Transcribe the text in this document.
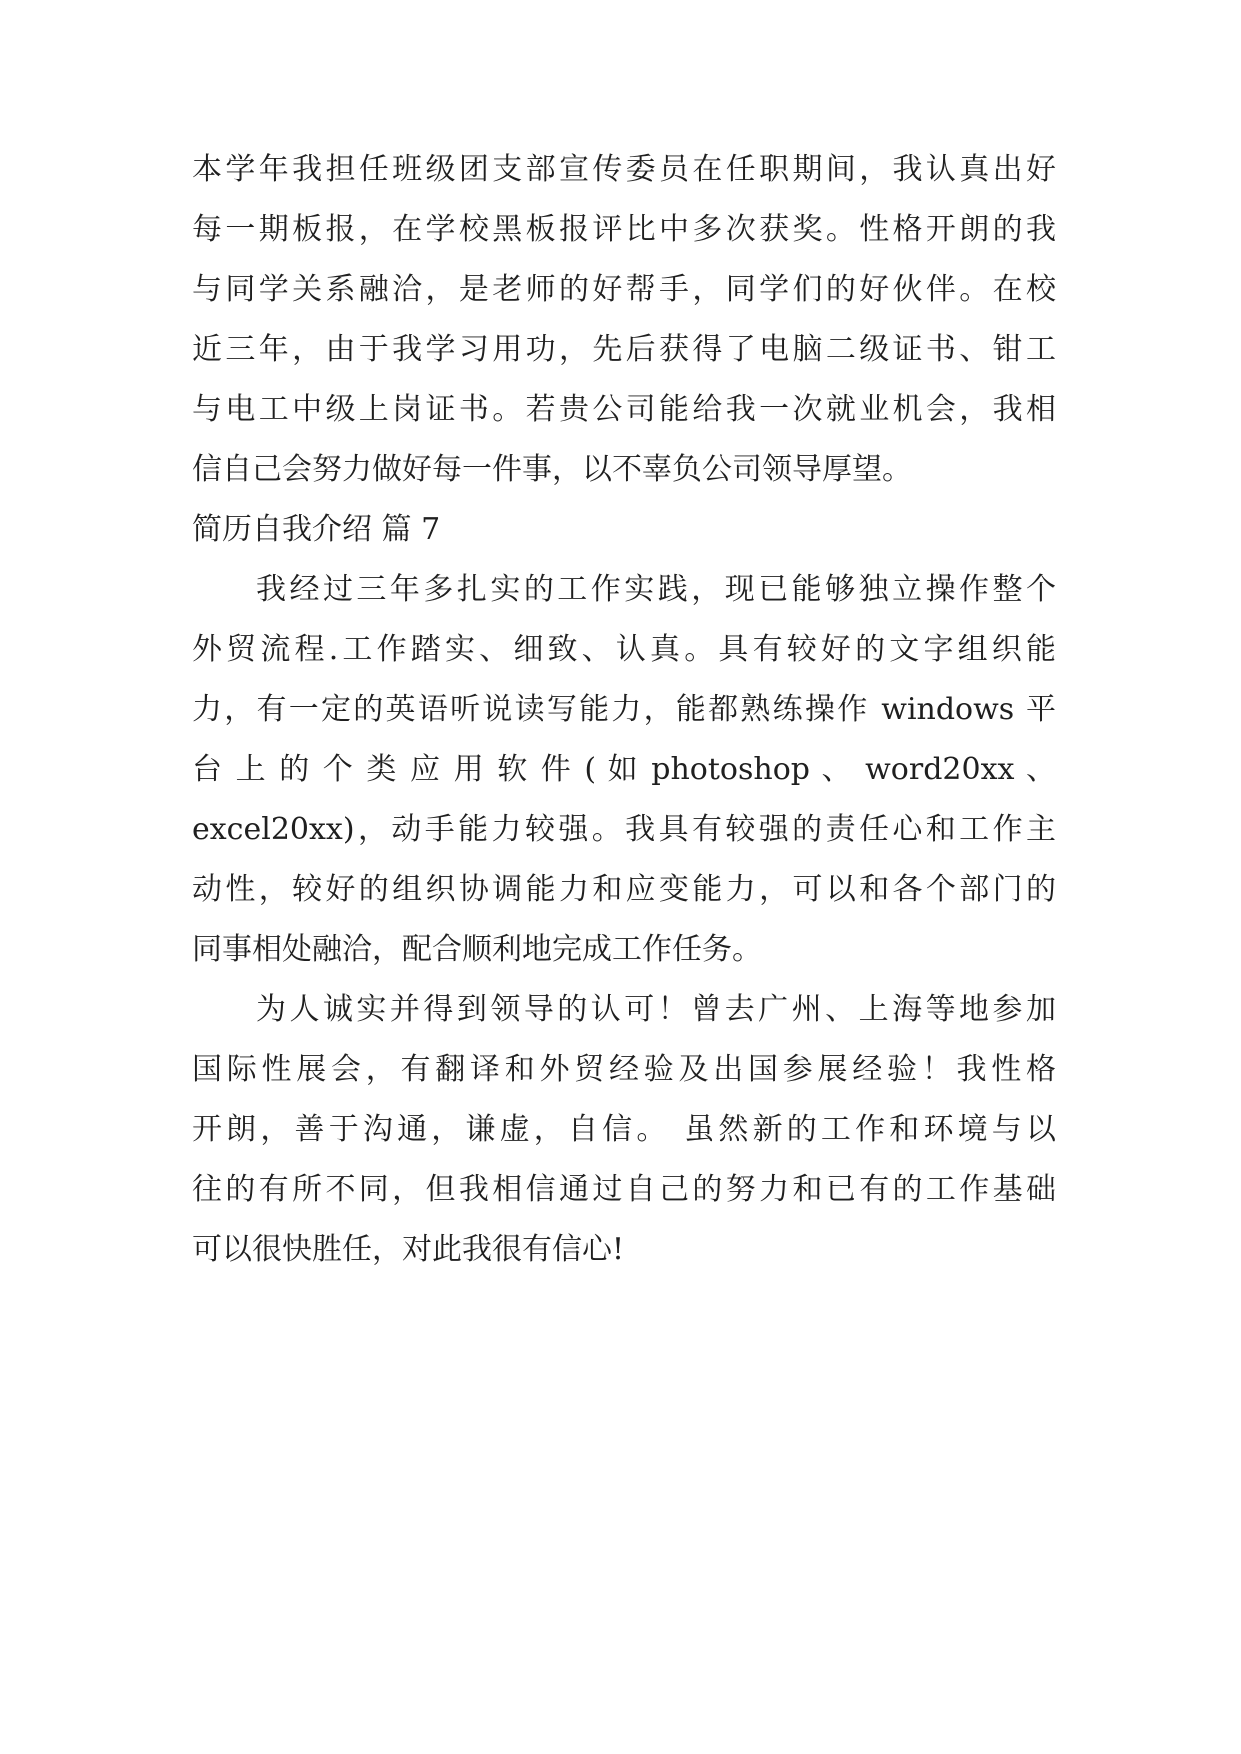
本学年我担任班级团支部宣传委员在任职期间，我认真出好
每一期板报，在学校黑板报评比中多次获奖。性格开朗的我
与同学关系融洽，是老师的好帮手，同学们的好伙伴。在校
近三年，由于我学习用功，先后获得了电脑二级证书、钳工
与电工中级上岗证书。若贵公司能给我一次就业机会，我相
信自己会努力做好每一件事，以不辜负公司领导厚望。
简历自我介绍 篇 7
我经过三年多扎实的工作实践，现已能够独立操作整个
外贸流程.工作踏实、细致、认真。具有较好的文字组织能
力，有一定的英语听说读写能力，能都熟练操作 windows 平
台 上 的 个 类 应 用 软 件 ( 如 photoshop 、 word20xx 、
excel20xx)，动手能力较强。我具有较强的责任心和工作主
动性，较好的组织协调能力和应变能力，可以和各个部门的
同事相处融洽，配合顺利地完成工作任务。
为人诚实并得到领导的认可！曾去广州、上海等地参加
国际性展会，有翻译和外贸经验及出国参展经验！我性格
开朗，善于沟通，谦虚，自信。 虽然新的工作和环境与以
往的有所不同，但我相信通过自己的努力和已有的工作基础
可以很快胜任，对此我很有信心!
